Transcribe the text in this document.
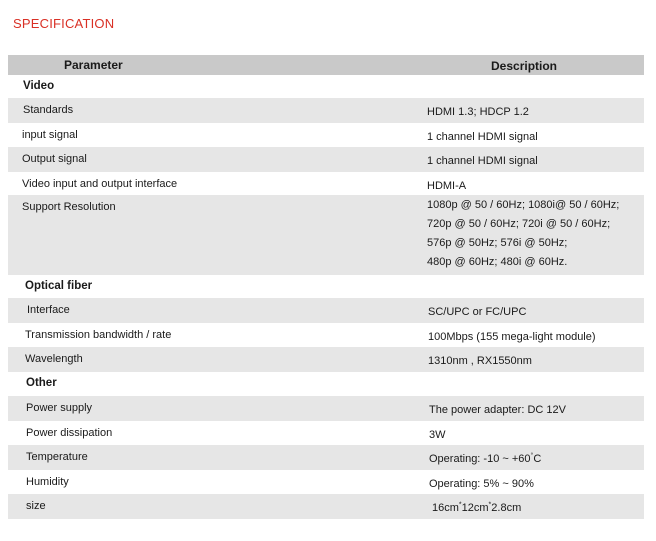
SPECIFICATION
Parameter	Description
Video
Standards	HDMI 1.3; HDCP 1.2
input signal	1 channel HDMI signal
Output signal	1 channel HDMI signal
Video input and output interface	HDMI-A
Support Resolution	1080p @ 50 / 60Hz; 1080i@ 50 / 60Hz;
720p @ 50 / 60Hz; 720i @ 50 / 60Hz;
576p @ 50Hz; 576i @ 50Hz;
480p @ 60Hz; 480i @ 60Hz.
Optical fiber
Interface	SC/UPC or FC/UPC
Transmission bandwidth / rate	100Mbps (155 mega-light module)
Wavelength	1310nm , RX1550nm
Other
Power supply	The power adapter: DC 12V
Power dissipation	3W
Temperature	Operating: -10 ~ +60°C
Humidity	Operating: 5% ~ 90%
size	16cm*12cm*2.8cm
